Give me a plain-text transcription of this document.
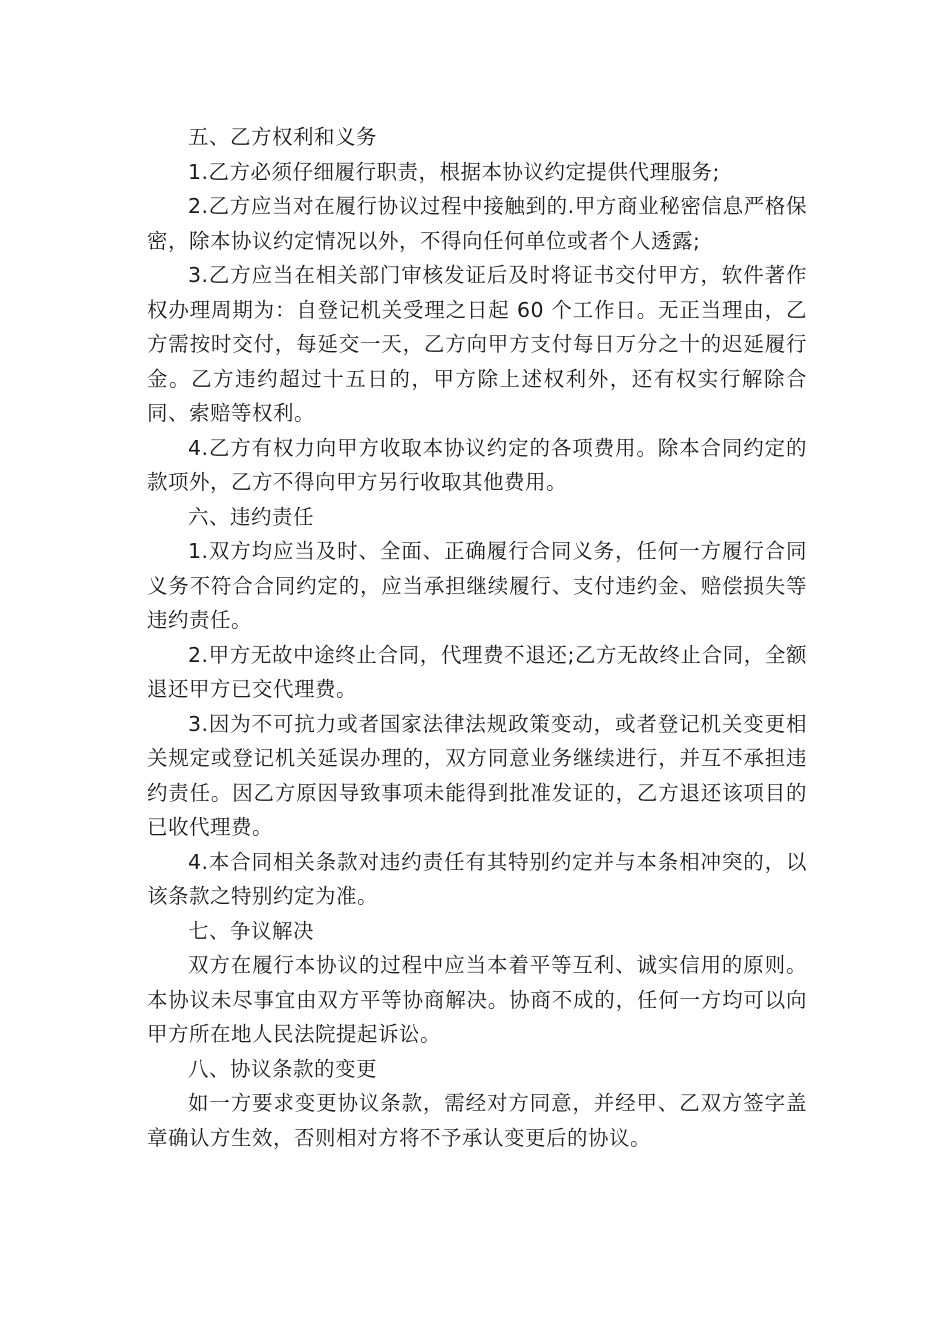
五、乙方权利和义务

1.乙方必须仔细履行职责，根据本协议约定提供代理服务;

2.乙方应当对在履行协议过程中接触到的.甲方商业秘密信息严格保密，除本协议约定情况以外，不得向任何单位或者个人透露;

3.乙方应当在相关部门审核发证后及时将证书交付甲方，软件著作权办理周期为：自登记机关受理之日起 60 个工作日。无正当理由，乙方需按时交付，每延交一天，乙方向甲方支付每日万分之十的迟延履行金。乙方违约超过十五日的，甲方除上述权利外，还有权实行解除合同、索赔等权利。

4.乙方有权力向甲方收取本协议约定的各项费用。除本合同约定的款项外，乙方不得向甲方另行收取其他费用。

六、违约责任

1.双方均应当及时、全面、正确履行合同义务，任何一方履行合同义务不符合合同约定的，应当承担继续履行、支付违约金、赔偿损失等违约责任。

2.甲方无故中途终止合同，代理费不退还;乙方无故终止合同，全额退还甲方已交代理费。

3.因为不可抗力或者国家法律法规政策变动，或者登记机关变更相关规定或登记机关延误办理的，双方同意业务继续进行，并互不承担违约责任。因乙方原因导致事项未能得到批准发证的，乙方退还该项目的已收代理费。

4.本合同相关条款对违约责任有其特别约定并与本条相冲突的，以该条款之特别约定为准。

七、争议解决

双方在履行本协议的过程中应当本着平等互利、诚实信用的原则。本协议未尽事宜由双方平等协商解决。协商不成的，任何一方均可以向甲方所在地人民法院提起诉讼。

八、协议条款的变更

如一方要求变更协议条款，需经对方同意，并经甲、乙双方签字盖章确认方生效，否则相对方将不予承认变更后的协议。
